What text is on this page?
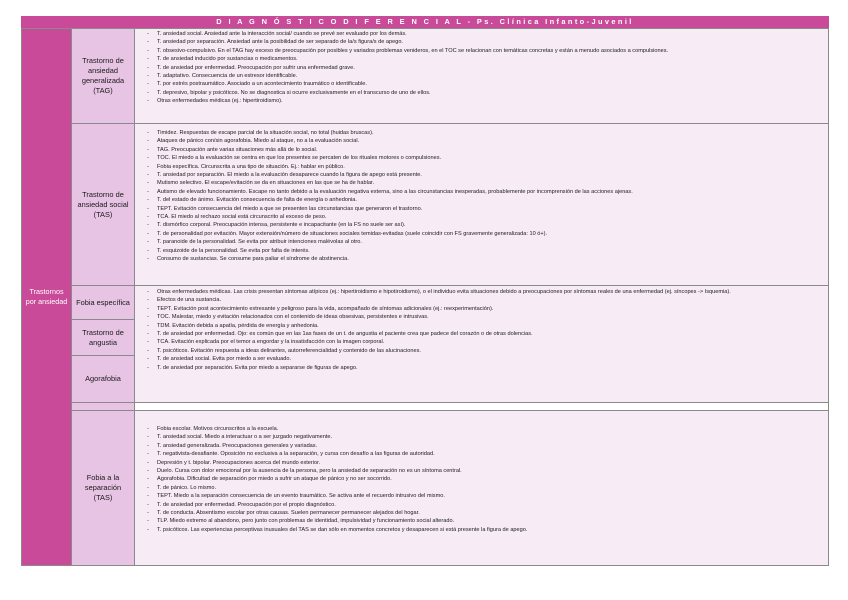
D I A G N Ó S T I C O D I F E R E N C I A L - Ps. Clínica Infanto-Juvenil
Trastornos por ansiedad
Trastorno de ansiedad generalizada (TAG)
- T. ansiedad social. Ansiedad ante la interacción social/ cuando se prevé ser evaluado por los demás.
- T. ansiedad por separación. Ansiedad ante la posibilidad de ser separado de la/s figura/s de apego.
- T. obsesivo-compulsivo. En el TAG hay exceso de preocupación por posibles y variados problemas venideros, en el TOC se relacionan con temáticas concretas y están a menudo asociados a compulsiones.
- T. de ansiedad inducido por sustancias o medicamentos.
- T. de ansiedad por enfermedad. Preocupación por sufrir una enfermedad grave.
- T. adaptativo. Consecuencia de un estresor identificable.
- T. por estrés postraumático. Asociado a un acontecimiento traumático o identificable.
- T. depresivo, bipolar y psicóticos. No se diagnostica si ocurre exclusivamente en el transcurso de uno de ellos.
- Otras enfermedades médicas (ej.: hipertiroidismo).
Trastorno de ansiedad social (TAS)
- Timidez. Respuestas de escape parcial de la situación social, no total (huidas bruscas).
- Ataques de pánico con/sin agorafobia. Miedo al ataque, no a la evaluación social.
- TAG. Preocupación ante varias situaciones más allá de lo social.
- TOC. El miedo a la evaluación se centra en que los presentes se percaten de los rituales motores o compulsiones.
- Fobia específica. Circunscrita a una tipo de situación. Ej.: hablar en público.
- T. ansiedad por separación. El miedo a la evaluación desaparece cuando la figura de apego está presente.
- Mutismo selectivo. El escape/evitación se da en situaciones en las que se ha de hablar.
- Autismo de elevado funcionamiento. Escape no tanto debido a la evaluación negativa externa, sino a las circunstancias inesperadas, probablemente por incomprensión de las acciones ajenas.
- T. del estado de ánimo. Evitación consecuencia de falta de energía o anhedonia.
- TEPT. Evitación consecuencia del miedo a que se presenten las circunstancias que generaron el trastorno.
- TCA. El miedo al rechazo social está circunscrito al exceso de peso.
- T. dismórfico corporal. Preocupación intensa, persistente e incapacitante (en la FS no suele ser así).
- T. de personalidad por evitación. Mayor extensión/número de situaciones sociales temidas-evitadas (suele coincidir con FS gravemente generalizada: 10 ó+).
- T. paranoide de la personalidad. Se evita por atribuir intenciones malévolas al otro.
- T. esquizoide de la personalidad. Se evita por falta de interés.
- Consumo de sustancias. Se consume para paliar el síndrome de abstinencia.
Fobia específica
Trastorno de angustia
Agorafobia
- Otras enfermedades médicas. Las crisis presentan síntomas atípicos (ej.: hipertiroidismo e hipotiroidismo), o el individuo evita situaciones debido a preocupaciones por síntomas reales de una enfermedad (ej. síncopes -> Isquemia).
- Efectos de una sustancia.
- TEPT. Evitación post acontecimiento extresante y peligroso para la vida, acompañado de síntomas adicionales (ej.: reexperimentación).
- TOC. Malestar, miedo y evitación relacionados con el contenido de ideas obsesivas, persistentes e intrusivas.
- TDM. Evitación debida a apatía, pérdida de energía y anhedonia.
- T. de ansiedad por enfermedad. Ojo: es común que en las 1as fases de un t. de angustia el paciente crea que padece del corazón o de otras dolencias.
- TCA. Evitación explicada por el temor a engordar y la insatisfacción con la imagen corporal.
- T. psicóticos. Evitación respuesta a ideas delirantes, autorreferencialidad y contenido de las alucinaciones.
- T. de ansiedad social. Evita por miedo a ser evaluado.
- T. de ansiedad por separación. Evita por miedo a separarse de figuras de apego.
Fobia a la separación (TAS)
- Fobia escolar. Motivos circunscritos a la escuela.
- T. ansiedad social. Miedo a interactuar o a ser juzgado negativamente.
- T. ansiedad generalizada. Preocupaciones generales y variadas.
- T. negativista-desafiante. Oposición no exclusiva a la separación, y cursa con desafío a las figuras de autoridad.
- Depresión y t. bipolar. Preocupaciones acerca del mundo exterior.
- Duelo. Cursa con dolor emocional por la ausencia de la persona, pero la ansiedad de separación no es un síntoma central.
- Agorafobia. Dificultad de separación por miedo a sufrir un ataque de pánico y no ser socorrido.
- T. de pánico. Lo mismo.
- TEPT. Miedo a la separación consecuencia de un evento traumático. Se activa ante el recuerdo intrusivo del mismo.
- T. de ansiedad por enfermedad. Preocupación por el propio diagnóstico.
- T. de conducta. Absentismo escolar por otras causas. Suelen permanecer permanecer alejados del hogar.
- TLP. Miedo extremo al abandono, pero junto con problemas de identidad, impulsividad y funcionamiento social alterado.
- T. psicóticos. Las experiencias perceptivas inusuales del TAS se dan sólo en momentos concretos y desaparecen si está presente la figura de apego.
